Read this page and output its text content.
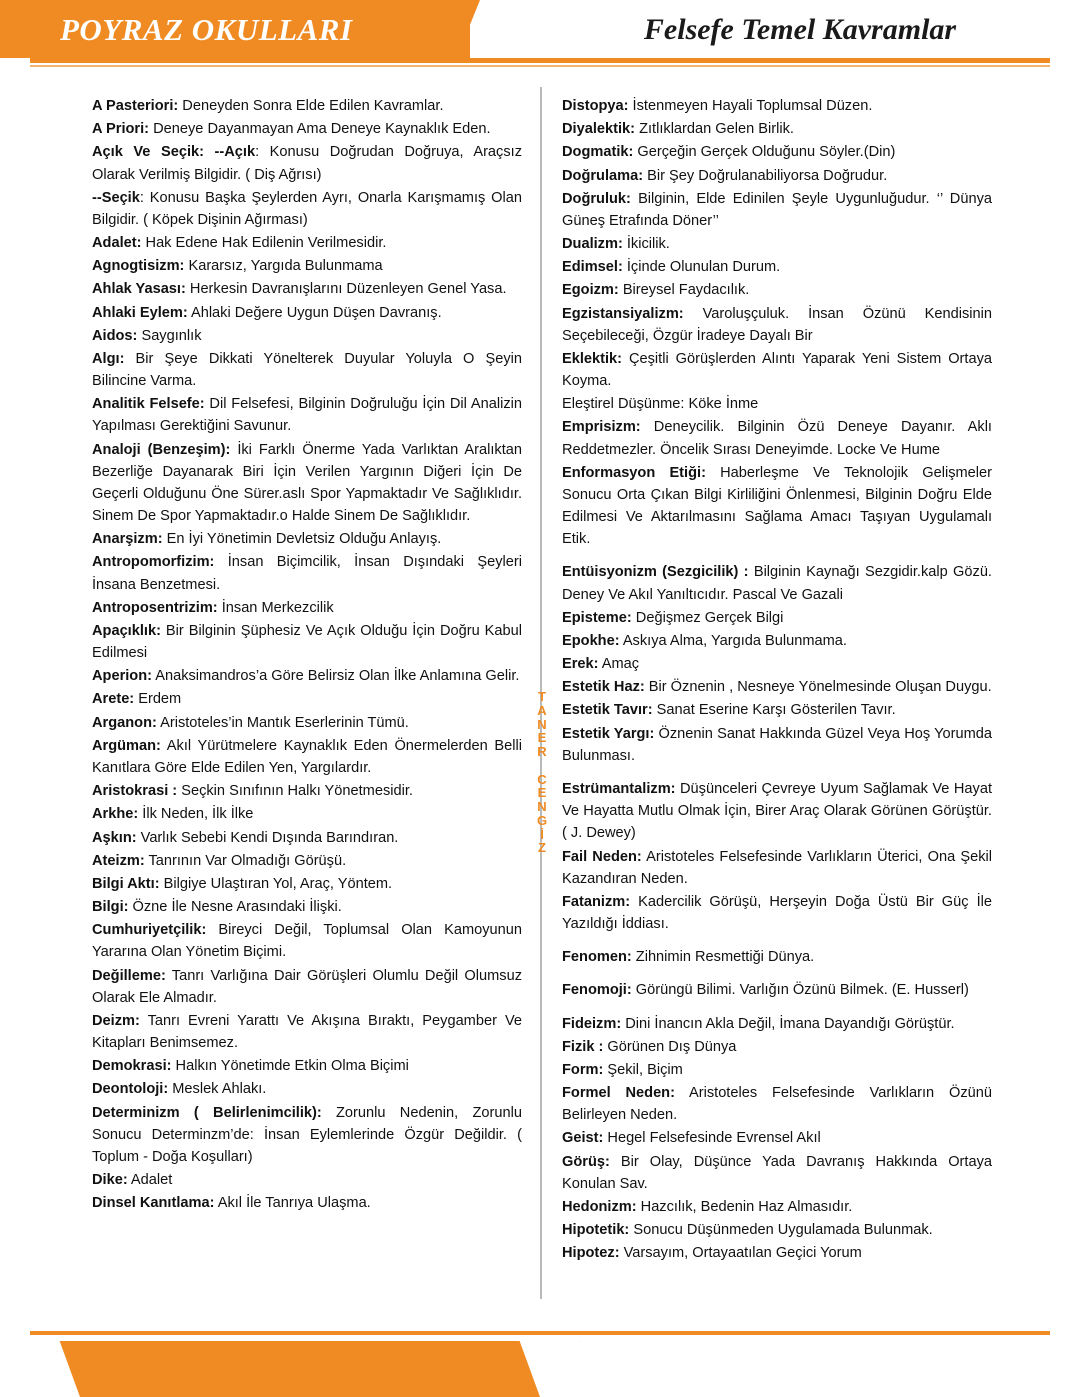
POYRAZ OKULLARI	Felsefe Temel Kavramlar

A Pasteriori: Deneyden Sonra Elde Edilen Kavramlar.

A Priori: Deneye Dayanmayan Ama Deneye Kaynaklık Eden.

Açık Ve Seçik: --Açık: Konusu Doğrudan Doğruya, Araçsız Olarak Verilmiş Bilgidir. ( Diş Ağrısı)

--Seçik: Konusu Başka Şeylerden Ayrı, Onarla Karışmamış Olan Bilgidir. ( Köpek Dişinin Ağırması)

Adalet: Hak Edene Hak Edilenin Verilmesidir.

Agnogtisizm: Kararsız, Yargıda Bulunmama

Ahlak Yasası: Herkesin Davranışlarını Düzenleyen Genel Yasa.

Ahlaki Eylem: Ahlaki Değere Uygun Düşen Davranış.

Aidos: Saygınlık

Algı: Bir Şeye Dikkati Yönelterek Duyular Yoluyla O Şeyin Bilincine Varma.

Analitik Felsefe: Dil Felsefesi, Bilginin Doğruluğu İçin Dil Analizin Yapılması Gerektiğini Savunur.

Analoji (Benzeşim): İki Farklı Önerme Yada Varlıktan Aralıktan Bezerliğe Dayanarak Biri İçin Verilen Yargının Diğeri İçin De Geçerli Olduğunu Öne Sürer.aslı Spor Yapmaktadır Ve Sağlıklıdır. Sinem De Spor Yapmaktadır.o Halde Sinem De Sağlıklıdır.

Anarşizm: En İyi Yönetimin Devletsiz Olduğu Anlayış.

Antropomorfizim: İnsan Biçimcilik, İnsan Dışındaki Şeyleri İnsana Benzetmesi.

Antroposentrizim: İnsan Merkezcilik

Apaçıklık: Bir Bilginin Şüphesiz Ve Açık Olduğu İçin Doğru Kabul Edilmesi

Aperion: Anaksimandros’a Göre Belirsiz Olan İlke Anlamına Gelir.

Arete: Erdem

Arganon: Aristoteles’in Mantık Eserlerinin Tümü.

Argüman: Akıl Yürütmelere Kaynaklık Eden Önermelerden Belli Kanıtlara Göre Elde Edilen Yen, Yargılardır.

Aristokrasi : Seçkin Sınıfının Halkı Yönetmesidir.

Arkhe: İlk Neden, İlk İlke

Aşkın: Varlık Sebebi Kendi Dışında Barındıran.

Ateizm: Tanrının Var Olmadığı Görüşü.

Bilgi Aktı: Bilgiye Ulaştıran Yol, Araç, Yöntem.

Bilgi: Özne İle Nesne Arasındaki İlişki.

Cumhuriyetçilik: Bireyci Değil, Toplumsal Olan Kamoyunun Yararına Olan Yönetim Biçimi.

Değilleme: Tanrı Varlığına Dair Görüşleri Olumlu Değil Olumsuz Olarak Ele Almadır.

Deizm: Tanrı Evreni Yarattı Ve Akışına Bıraktı, Peygamber Ve Kitapları Benimsemez.

Demokrasi: Halkın Yönetimde Etkin Olma Biçimi

Deontoloji: Meslek Ahlakı.

Determinizm ( Belirlenimcilik): Zorunlu Nedenin, Zorunlu Sonucu Determinzm’de: İnsan Eylemlerinde Özgür Değildir. ( Toplum - Doğa Koşulları)

Dike: Adalet

Dinsel Kanıtlama: Akıl İle Tanrıya Ulaşma.

Distopya: İstenmeyen Hayali Toplumsal Düzen.

Diyalektik: Zıtlıklardan Gelen Birlik.

Dogmatik: Gerçeğin Gerçek Olduğunu Söyler.(Din)

Doğrulama: Bir Şey Doğrulanabiliyorsa Doğrudur.

Doğruluk: Bilginin, Elde Edinilen Şeyle Uygunluğudur. ‘’ Dünya Güneş Etrafında Döner’’

Dualizm: İkicilik.

Edimsel: İçinde Olunulan Durum.

Egoizm: Bireysel Faydacılık.

Egzistansiyalizm: Varoluşçuluk. İnsan Özünü Kendisinin Seçebileceği, Özgür İradeye Dayalı Bir

Eklektik: Çeşitli Görüşlerden Alıntı Yaparak Yeni Sistem Ortaya Koyma.

Eleştirel Düşünme: Köke İnme

Emprisizm: Deneycilik. Bilginin Özü Deneye Dayanır. Aklı Reddetmezler. Öncelik Sırası Deneyimde. Locke Ve Hume

Enformasyon Etiği: Haberleşme Ve Teknolojik Gelişmeler Sonucu Orta Çıkan Bilgi Kirliliğini Önlenmesi, Bilginin Doğru Elde Edilmesi Ve Aktarılmasını Sağlama Amacı Taşıyan Uygulamalı Etik.

Entüisyonizm (Sezgicilik) : Bilginin Kaynağı Sezgidir.kalp Gözü. Deney Ve Akıl Yanıltıcıdır. Pascal Ve Gazali

Episteme: Değişmez Gerçek Bilgi

Epokhe: Askıya Alma, Yargıda Bulunmama.

Erek: Amaç

Estetik Haz: Bir Öznenin , Nesneye Yönelmesinde Oluşan Duygu.

Estetik Tavır: Sanat Eserine Karşı Gösterilen Tavır.

Estetik Yargı: Öznenin Sanat Hakkında Güzel Veya Hoş Yorumda Bulunması.

Estrümantalizm: Düşünceleri Çevreye Uyum Sağlamak Ve Hayat Ve Hayatta Mutlu Olmak İçin, Birer Araç Olarak Görünen Görüştür. ( J. Dewey)

Fail Neden: Aristoteles Felsefesinde Varlıkların Üterici, Ona Şekil Kazandıran Neden.

Fatanizm: Kadercilik Görüşü, Herşeyin Doğa Üstü Bir Güç İle Yazıldığı İddiası.

Fenomen: Zihnimin Resmettiği Dünya.

Fenomoji: Görüngü Bilimi. Varlığın Özünü Bilmek. (E. Husserl)

Fideizm: Dini İnancın Akla Değil, İmana Dayandığı Görüştür.

Fizik : Görünen Dış Dünya

Form: Şekil, Biçim

Formel Neden: Aristoteles Felsefesinde Varlıkların Özünü Belirleyen Neden.

Geist: Hegel Felsefesinde Evrensel Akıl

Görüş: Bir Olay, Düşünce Yada Davranış Hakkında Ortaya Konulan Sav.

Hedonizm: Hazcılık, Bedenin Haz Almasıdır.

Hipotetik: Sonucu Düşünmeden Uygulamada Bulunmak.

Hipotez: Varsayım, Ortayaatılan Geçici Yorum

T
A
N
E
R

C
E
N
G
İ
Z
